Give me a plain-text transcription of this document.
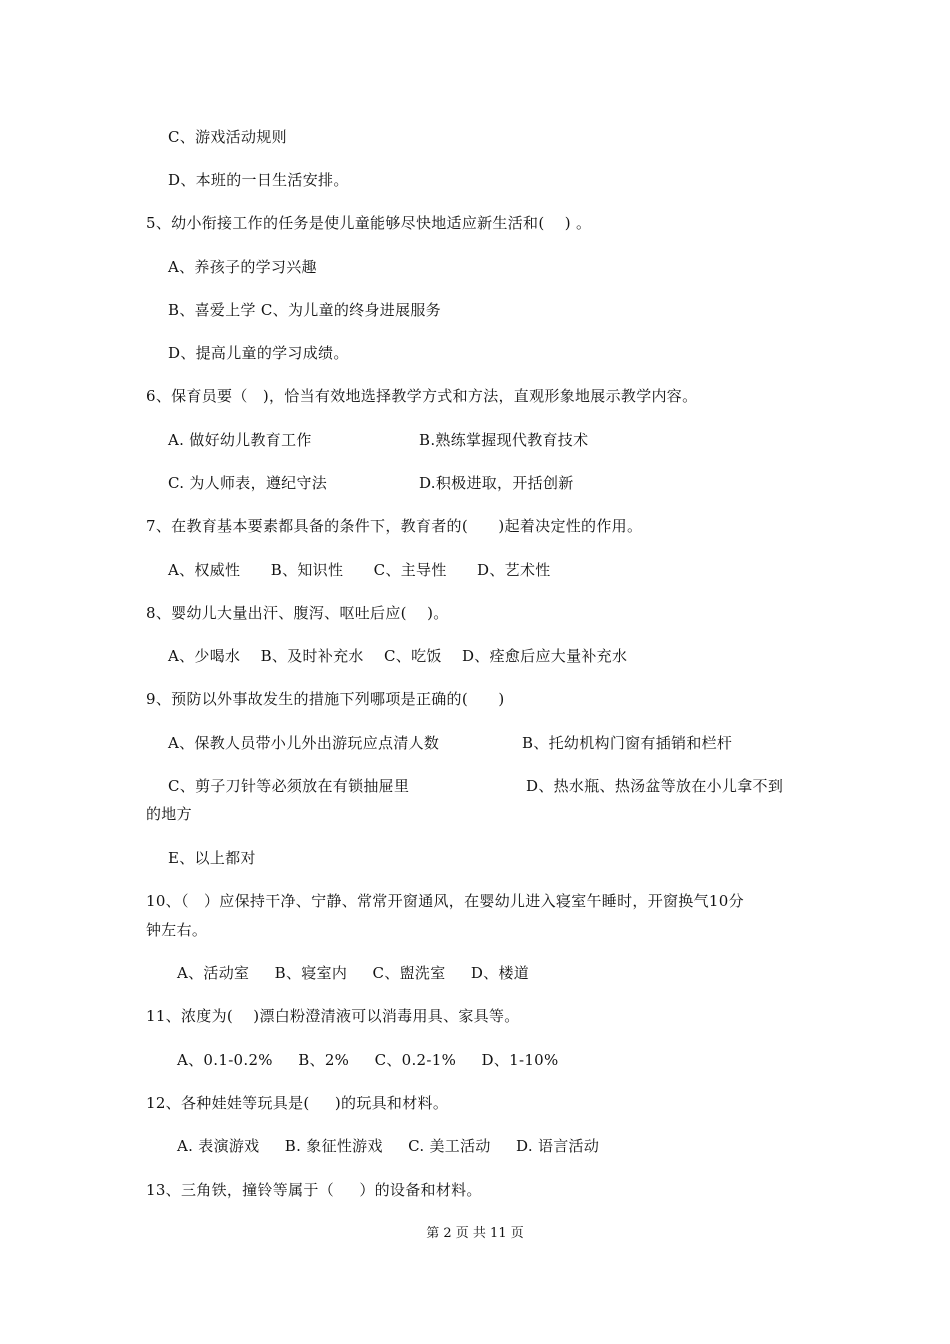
C、游戏活动规则
D、本班的一日生活安排。
5、幼小衔接工作的任务是使儿童能够尽快地适应新生活和(    ) 。
A、养孩子的学习兴趣
B、喜爱上学 C、为儿童的终身进展服务
D、提高儿童的学习成绩。
6、保育员要（   )，恰当有效地选择教学方式和方法，直观形象地展示教学内容。
A. 做好幼儿教育工作	B.熟练掌握现代教育技术
C. 为人师表，遵纪守法	D.积极进取，开括创新
7、在教育基本要素都具备的条件下，教育者的(      )起着决定性的作用。
A、权威性      B、知识性      C、主导性      D、艺术性
8、婴幼儿大量出汗、腹泻、呕吐后应(    )。
A、少喝水    B、及时补充水    C、吃饭    D、痊愈后应大量补充水
9、预防以外事故发生的措施下列哪项是正确的(      )
A、保教人员带小儿外出游玩应点清人数	B、托幼机构门窗有插销和栏杆
C、剪子刀针等必须放在有锁抽屉里	D、热水瓶、热汤盆等放在小儿拿不到
的地方
E、以上都对
10、（   ）应保持干净、宁静、常常开窗通风，在婴幼儿进入寝室午睡时，开窗换气10分
钟左右。
A、活动室     B、寝室内     C、盥洗室     D、楼道
11、浓度为(    )漂白粉澄清液可以消毒用具、家具等。
A、0.1-0.2%     B、2%     C、0.2-1%     D、1-10%
12、各种娃娃等玩具是(     )的玩具和材料。
A. 表演游戏     B. 象征性游戏     C. 美工活动     D. 语言活动
13、三角铁，撞铃等属于（     ）的设备和材料。
第 2 页 共 11 页
